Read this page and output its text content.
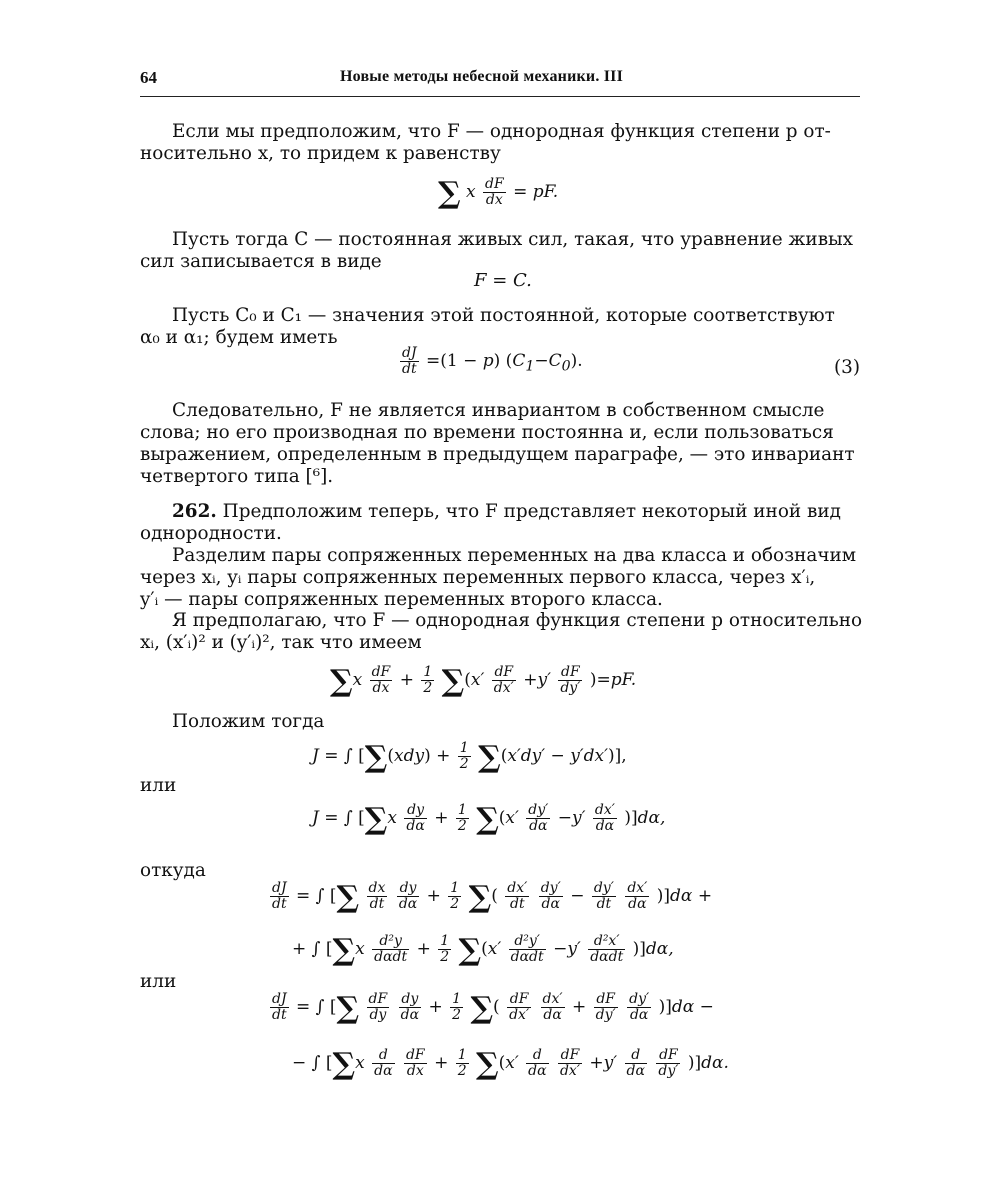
64	Новые методы небесной механики. III
Если мы предположим, что F — однородная функция степени p от-
носительно x, то придем к равенству
∑ x $\frac{dF}{dx}$ = pF.
Пусть тогда C — постоянная живых сил, такая, что уравнение живых
сил записывается в виде
F = C.
Пусть C₀ и C₁ — значения этой постоянной, которые соответствуют
α₀ и α₁; будем иметь
$\frac{dJ}{dt} =(1 - p)$ $(C_1-C_0)$.	(3)
Следовательно, F не является инвариантом в собственном смысле
слова; но его производная по времени постоянна и, если пользоваться
выражением, определенным в предыдущем параграфе, — это инвариант
четвертого типа [⁶].
262. Предположим теперь, что F представляет некоторый иной вид
однородности.
Разделим пары сопряженных переменных на два класса и обозначим
через xᵢ, yᵢ пары сопряженных переменных первого класса, через x′ᵢ,
y′ᵢ — пары сопряженных переменных второго класса.
Я предполагаю, что F — однородная функция степени p относительно
xᵢ, (x′ᵢ)² и (y′ᵢ)², так что имеем
$\sum x \frac{dF}{dx} + \frac{1}{2} \sum(x' \frac{dF}{dx'} +y' \frac{dF}{dy'} )=pF$.
Положим тогда
J = ∫ $[\sum(xdy) + \frac{1}{2} \sum(x'dy' - y'dx')]$,
или
J = ∫ $[\sum x \frac{dy}{d\alpha} + \frac{1}{2} \sum(x' \frac{dy'}{d\alpha} -y' \frac{dx'}{d\alpha} )]d\alpha$,
откуда
$\frac{dJ}{dt}$ = ∫ [∑ $\frac{dx}{dt}$
$\frac{dy}{d\alpha} + \frac{1}{2}$ ∑( $\frac{dx'}{dt}$
$\frac{dy'}{d\alpha} - \frac{dy'}{dt}$
$\frac{dx'}{d\alpha} )]d\alpha$ +
+ ∫ $[\sum x \frac{\text{d²y}}{\text{dαdt}} + \frac{1}{2} \sum(x' \frac{\text{d²y′}}{\text{dαdt}} -y' \frac{\text{d²x′}}{\text{dαdt}} )]d\alpha$,
или
$\frac{dJ}{dt}$ = ∫ [∑ $\frac{dF}{dy}$
$\frac{dy}{d\alpha} + \frac{1}{2}$ ∑( $\frac{dF}{dx'}$
$\frac{dx'}{d\alpha} + \frac{dF}{dy'}$
$\frac{dy'}{d\alpha} )]d\alpha$ −
− ∫ [$\sum x \frac{d}{d\alpha}$
$\frac{dF}{dx} + \frac{1}{2} \sum(x' \frac{d}{d\alpha}$
$\frac{dF}{dx'} +y' \frac{d}{d\alpha}$
$\frac{dF}{dy'} )]d\alpha$.
